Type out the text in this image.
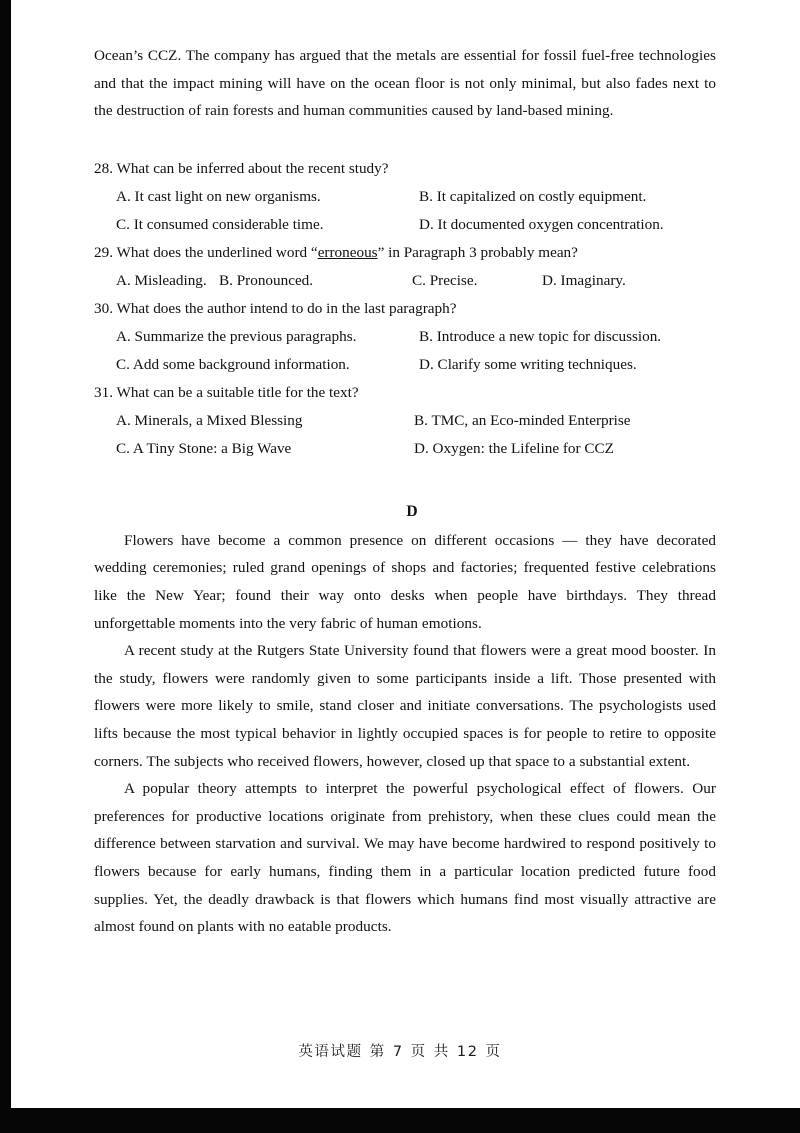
Ocean’s CCZ. The company has argued that the metals are essential for fossil fuel-free technologies and that the impact mining will have on the ocean floor is not only minimal, but also fades next to the destruction of rain forests and human communities caused by land-based mining.

28. What can be inferred about the recent study?

A. It cast light on new organisms.	B. It capitalized on costly equipment.
C. It consumed considerable time.	D. It documented oxygen concentration.

29. What does the underlined word “erroneous” in Paragraph 3 probably mean?

A. Misleading. B. Pronounced.	C. Precise.	D. Imaginary.

30. What does the author intend to do in the last paragraph?

A. Summarize the previous paragraphs.	B. Introduce a new topic for discussion.
C. Add some background information.	D. Clarify some writing techniques.

31. What can be a suitable title for the text?

A. Minerals, a Mixed Blessing	B. TMC, an Eco-minded Enterprise
C. A Tiny Stone: a Big Wave	D. Oxygen: the Lifeline for CCZ

D

Flowers have become a common presence on different occasions — they have decorated wedding ceremonies; ruled grand openings of shops and factories; frequented festive celebrations like the New Year; found their way onto desks when people have birthdays. They thread unforgettable moments into the very fabric of human emotions.

A recent study at the Rutgers State University found that flowers were a great mood booster. In the study, flowers were randomly given to some participants inside a lift. Those presented with flowers were more likely to smile, stand closer and initiate conversations. The psychologists used lifts because the most typical behavior in lightly occupied spaces is for people to retire to opposite corners. The subjects who received flowers, however, closed up that space to a substantial extent.

A popular theory attempts to interpret the powerful psychological effect of flowers. Our preferences for productive locations originate from prehistory, when these clues could mean the difference between starvation and survival. We may have become hardwired to respond positively to flowers because for early humans, finding them in a particular location predicted future food supplies. Yet, the deadly drawback is that flowers which humans find most visually attractive are almost found on plants with no eatable products.

英语试题 第 7 页 共 12 页
